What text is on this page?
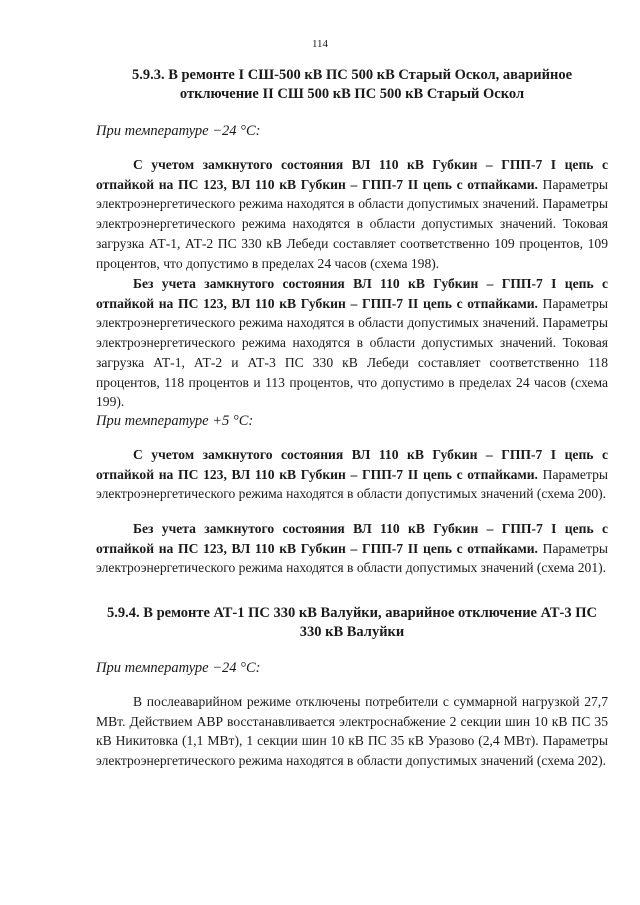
114
5.9.3. В ремонте I СШ-500 кВ ПС 500 кВ Старый Оскол, аварийное отключение II СШ 500 кВ ПС 500 кВ Старый Оскол
При температуре −24 °С:

С учетом замкнутого состояния ВЛ 110 кВ Губкин – ГПП-7 I цепь с отпайкой на ПС 123, ВЛ 110 кВ Губкин – ГПП-7 II цепь с отпайками. Параметры электроэнергетического режима находятся в области допустимых значений. Параметры электроэнергетического режима находятся в области допустимых значений. Токовая загрузка АТ-1, АТ-2 ПС 330 кВ Лебеди составляет соответственно 109 процентов, 109 процентов, что допустимо в пределах 24 часов (схема 198).

Без учета замкнутого состояния ВЛ 110 кВ Губкин – ГПП-7 I цепь с отпайкой на ПС 123, ВЛ 110 кВ Губкин – ГПП-7 II цепь с отпайками. Параметры электроэнергетического режима находятся в области допустимых значений. Параметры электроэнергетического режима находятся в области допустимых значений. Токовая загрузка АТ-1, АТ-2 и АТ-3 ПС 330 кВ Лебеди составляет соответственно 118 процентов, 118 процентов и 113 процентов, что допустимо в пределах 24 часов (схема 199).

При температуре +5 °С:

С учетом замкнутого состояния ВЛ 110 кВ Губкин – ГПП-7 I цепь с отпайкой на ПС 123, ВЛ 110 кВ Губкин – ГПП-7 II цепь с отпайками. Параметры электроэнергетического режима находятся в области допустимых значений (схема 200).

Без учета замкнутого состояния ВЛ 110 кВ Губкин – ГПП-7 I цепь с отпайкой на ПС 123, ВЛ 110 кВ Губкин – ГПП-7 II цепь с отпайками. Параметры электроэнергетического режима находятся в области допустимых значений (схема 201).

5.9.4. В ремонте АТ-1 ПС 330 кВ Валуйки, аварийное отключение АТ-3 ПС 330 кВ Валуйки
При температуре −24 °С:

В послеаварийном режиме отключены потребители с суммарной нагрузкой 27,7 МВт. Действием АВР восстанавливается электроснабжение 2 секции шин 10 кВ ПС 35 кВ Никитовка (1,1 МВт), 1 секции шин 10 кВ ПС 35 кВ Уразово (2,4 МВт). Параметры электроэнергетического режима находятся в области допустимых значений (схема 202).
